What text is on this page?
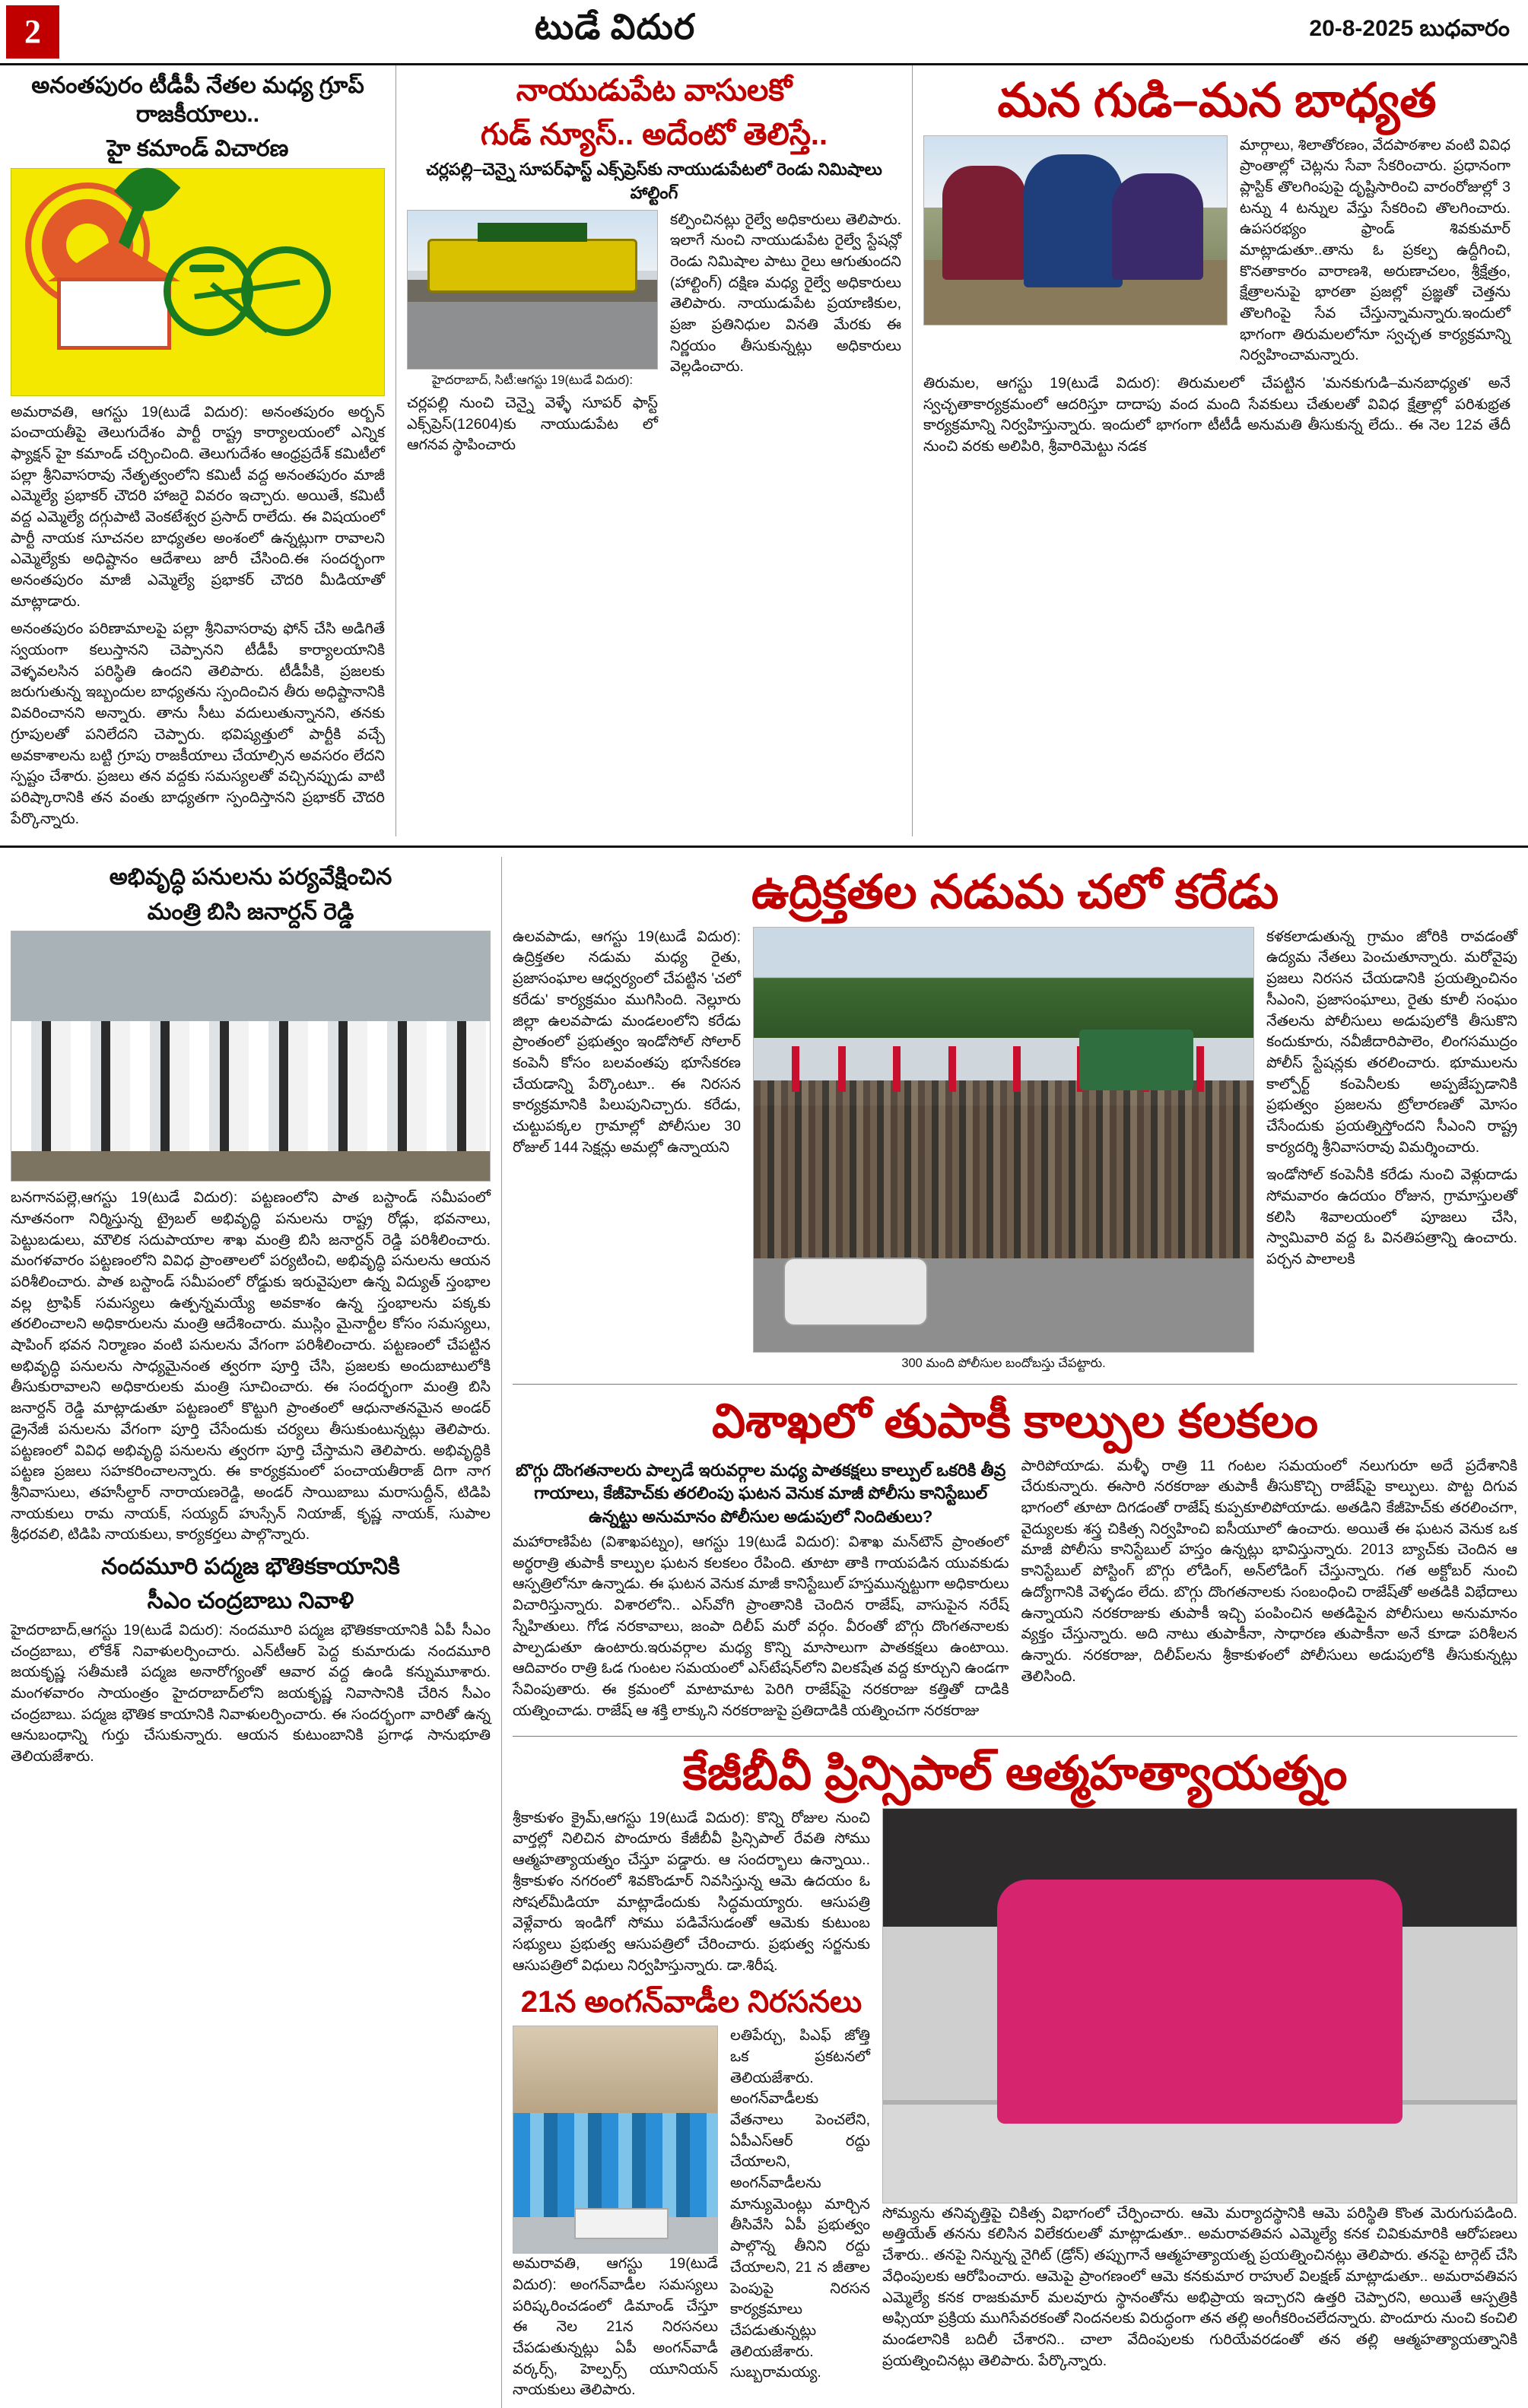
2	టుడే విదుర	20-8-2025 బుధవారం
అనంతపురం టీడీపీ నేతల మధ్య గ్రూప్ రాజకీయాలు..
హై కమాండ్ విచారణ

అమరావతి, ఆగస్టు 19(టుడే విదుర): అనంతపురం అర్బన్ పంచాయతీపై తెలుగుదేశం పార్టీ రాష్ట్ర కార్యాలయంలో ఎన్నిక ఫ్యాక్షన్ హై కమాండ్ చర్చించింది. తెలుగుదేశం ఆంధ్రప్రదేశ్ కమిటీలో పల్లా శ్రీనివాసరావు నేతృత్వంలోని కమిటీ వద్ద అనంతపురం మాజీ ఎమ్మెల్యే ప్రభాకర్ చౌదరి హాజరై వివరం ఇచ్చారు. అయితే, కమిటీ వద్ద ఎమ్మెల్యే దగ్గుపాటి వెంకటేశ్వర ప్రసాద్ రాలేదు. ఈ విషయంలో పార్టీ నాయక సూచనల బాధ్యతల అంశంలో ఉన్నట్లుగా రావాలని ఎమ్మెల్యేకు అధిష్టానం ఆదేశాలు జారీ చేసింది.ఈ సందర్భంగా అనంతపురం మాజీ ఎమ్మెల్యే ప్రభాకర్ చౌదరి మీడియాతో మాట్లాడారు.

అనంతపురం పరిణామాలపై పల్లా శ్రీనివాసరావు ఫోన్ చేసి అడిగితే స్వయంగా కలుస్తానని చెప్పానని టీడీపీ కార్యాలయానికి వెళ్ళవలసిన పరిస్థితి ఉందని తెలిపారు. టీడీపీకి, ప్రజలకు జరుగుతున్న ఇబ్బందుల బాధ్యతను స్పందించిన తీరు అధిష్టానానికి వివరించానని అన్నారు. తాను సీటు వదులుతున్నానని, తనకు గ్రూపులతో పనిలేదని చెప్పారు. భవిష్యత్తులో పార్టీకి వచ్చే అవకాశాలను బట్టి గ్రూపు రాజకీయాలు చేయాల్సిన అవసరం లేదని స్పష్టం చేశారు. ప్రజలు తన వద్దకు సమస్యలతో వచ్చినప్పుడు వాటి పరిష్కారానికి తన వంతు బాధ్యతగా స్పందిస్తానని ప్రభాకర్ చౌదరి పేర్కొన్నారు.

నాయుడుపేట వాసులకో
గుడ్ న్యూస్.. అదేంటో తెలిస్తే..
చర్లపల్లి–చెన్నై సూపర్‌ఫాస్ట్ ఎక్స్‌ప్రెస్‌కు నాయుడుపేటలో రెండు నిమిషాలు హాల్టింగ్
హైదరాబాద్, సిటీ:ఆగస్టు 19(టుడే విదుర):

చర్లపల్లి నుంచి చెన్నై వెళ్ళే సూపర్ ఫాస్ట్ ఎక్స్‌ప్రెస్(12604)కు నాయుడుపేట లో ఆగనవ స్థాపించారు

కల్పించినట్లు రైల్వే అధికారులు తెలిపారు. ఇలాగే నుంచి నాయుడుపేట రైల్వే స్టేషన్లో రెండు నిమిషాల పాటు రైలు ఆగుతుందని (హాల్టింగ్) దక్షిణ మధ్య రైల్వే అధికారులు తెలిపారు. నాయుడుపేట ప్రయాణికుల, ప్రజా ప్రతినిధుల వినతి మేరకు ఈ నిర్ణయం తీసుకున్నట్లు అధికారులు వెల్లడించారు.

మన గుడి–మన బాధ్యత

మార్గాలు, శిలాతోరణం, వేదపాఠశాల వంటి వివిధ ప్రాంతాల్లో చెట్లను సేవా సేకరించారు. ప్రధానంగా ప్లాస్టిక్ తొలగింపుపై దృష్టిసారించి వారంరోజుల్లో 3 టన్ను 4 టన్నుల వేస్తు సేకరించి తొలగించారు. ఉపసరభ్యం ఫ్రాండ్ శివకుమార్ మాట్లాడుతూ..తాను ఓ ప్రకల్ప ఉద్దీగించి, కొనతాకారం వారాణశి, అరుణాచలం, శ్రీక్షేత్రం, క్షేత్రాలనుపై భారతా ప్రజల్లో ప్రజ్ఞతో చెత్తను తొలగింపై సేవ చేస్తున్నామన్నారు.ఇందులో భాగంగా తిరుమలలోనూ స్వచ్ఛత కార్యక్రమాన్ని నిర్వహించామన్నారు.

తిరుమల, ఆగస్టు 19(టుడే విదుర): తిరుమలలో చేపట్టిన 'మనకుగుడి–మనబాధ్యత' అనే స్వచ్ఛతాకార్యక్రమంలో ఆదరిస్తూ దాదాపు వంద మంది సేవకులు చేతులతో వివిధ క్షేత్రాల్లో పరిశుభ్రత కార్యక్రమాన్ని నిర్వహిస్తున్నారు. ఇందులో భాగంగా టీటీడీ అనుమతి తీసుకున్న లేదు.. ఈ నెల 12వ తేదీ నుంచి వరకు అలిపిరి, శ్రీవారిమెట్టు నడక

అభివృద్ధి పనులను పర్యవేక్షించిన
మంత్రి బిసి జనార్దన్ రెడ్డి

బనగానపల్లె,ఆగస్టు 19(టుడే విదుర): పట్టణంలోని పాత బస్టాండ్ సమీపంలో నూతనంగా నిర్మిస్తున్న ట్రైబల్ అభివృద్ధి పనులను రాష్ట్ర రోడ్లు, భవనాలు, పెట్టుబడులు, మౌలిక సదుపాయాల శాఖ మంత్రి బిసి జనార్దన్ రెడ్డి పరిశీలించారు. మంగళవారం పట్టణంలోని వివిధ ప్రాంతాలలో పర్యటించి, అభివృద్ధి పనులను ఆయన పరిశీలించారు. పాత బస్టాండ్ సమీపంలో రోడ్డుకు ఇరువైపులా ఉన్న విద్యుత్ స్తంభాల వల్ల ట్రాఫిక్ సమస్యలు ఉత్పన్నమయ్యే అవకాశం ఉన్న స్తంభాలను పక్కకు తరలించాలని అధికారులను మంత్రి ఆదేశించారు. ముస్లిం మైనార్టీల కోసం సమస్యలు, షాపింగ్ భవన నిర్మాణం వంటి పనులను వేగంగా పరిశీలించారు. పట్టణంలో చేపట్టిన అభివృద్ధి పనులను సాధ్యమైనంత త్వరగా పూర్తి చేసి, ప్రజలకు అందుబాటులోకి తీసుకురావాలని అధికారులకు మంత్రి సూచించారు. ఈ సందర్భంగా మంత్రి బిసి జనార్దన్ రెడ్డి మాట్లాడుతూ పట్టణంలో కొట్టుగి ప్రాంతంలో ఆధునాతనమైన అండర్ డ్రైనేజీ పనులను వేగంగా పూర్తి చేసేందుకు చర్యలు తీసుకుంటున్నట్లు తెలిపారు. పట్టణంలో వివిధ అభివృద్ధి పనులను త్వరగా పూర్తి చేస్తామని తెలిపారు. అభివృద్ధికి పట్టణ ప్రజలు సహకరించాలన్నారు. ఈ కార్యక్రమంలో పంచాయతీరాజ్ దిగా నాగ శ్రీనివాసులు, తహసీల్దార్ నారాయణరెడ్డి, అండర్ సాయిబాబు మరాసుద్దీన్, టిడిపి నాయకులు రామ నాయక్, సయ్యద్ హుస్సేన్ నియాజ్, కృష్ణ నాయక్, సుపాల శ్రీధరవలి, టిడిపి నాయకులు, కార్యకర్తలు పాల్గొన్నారు.

నందమూరి పద్మజ భౌతికకాయానికి
సీఎం చంద్రబాబు నివాళి

హైదరాబాద్,ఆగస్టు 19(టుడే విదుర): నందమూరి పద్మజ భౌతికకాయానికి ఏపీ సీఎం చంద్రబాబు, లోకేశ్ నివాళులర్పించారు. ఎన్‌టీఆర్ పెద్ద కుమారుడు నందమూరి జయకృష్ణ సతీమణి పద్మజ అనారోగ్యంతో ఆవార వద్ద ఉండి కన్నుమూశారు. మంగళవారం సాయంత్రం హైదరాబాద్‌లోని జయకృష్ణ నివాసానికి చేరిన సీఎం చంద్రబాబు. పద్మజ భౌతిక కాయానికి నివాళులర్పించారు. ఈ సందర్భంగా వారితో ఉన్న ఆనుబంధాన్ని గుర్తు చేసుకున్నారు. ఆయన కుటుంబానికి ప్రగాఢ సానుభూతి తెలియజేశారు.

ఉద్రిక్తతల నడుమ చలో కరేడు

ఉలవపాడు, ఆగస్టు 19(టుడే విదుర): ఉద్రిక్తతల నడుమ మధ్య రైతు, ప్రజాసంఘాల ఆధ్వర్యంలో చేపట్టిన 'చలో కరేడు' కార్యక్రమం ముగిసింది. నెల్లూరు జిల్లా ఉలవపాడు మండలంలోని కరేడు ప్రాంతంలో ప్రభుత్వం ఇండోసోల్ సోలార్ కంపెనీ కోసం బలవంతపు భూసేకరణ చేయడాన్ని పేర్కొంటూ.. ఈ నిరసన కార్యక్రమానికి పిలుపునిచ్చారు. కరేడు, చుట్టుపక్కల గ్రామాల్లో పోలీసుల 30 రోజుల్ 144 సెక్షన్లు అమల్లో ఉన్నాయని

300 మంది పోలీసుల బందోబస్తు చేపట్టారు.

కళకలాడుతున్న గ్రామం జోరికి రావడంతో ఉద్యమ నేతలు పెంచుతూన్నారు. మరోవైపు ప్రజలు నిరసన చేయడానికి ప్రయత్నించినం సీఎంని, ప్రజాసంఘాలు, రైతు కూలీ సంఘం నేతలను పోలీసులు అడుపులోకి తీసుకొని కందుకూరు, నవీజీదారిపాలెం, లింగసముద్రం పోలీస్ స్టేషన్లకు తరలించారు. భూములను కాల్పోర్ట్ కంపెనీలకు అప్పజేప్పడానికి ప్రభుత్వం ప్రజలను ట్రోలారణతో మోసం చేసేందుకు ప్రయత్నిస్తోందని సీఎంని రాష్ట్ర కార్యదర్శి శ్రీనివాసరావు విమర్శించారు.

ఇండోసోల్ కంపెనీకి కరేడు నుంచి వెళ్లుదాడు సోమవారం ఉదయం రోజున, గ్రామాస్తులతో కలిసి శివాలయంలో పూజలు చేసి, స్వామివారి వద్ద ఓ వినతిపత్రాన్ని ఉంచారు. పర్చన పాలాలకి

విశాఖలో తుపాకీ కాల్పుల కలకలం
బొగ్గు దొంగతనాలరు పాల్పడే ఇరువర్గాల మధ్య పాతకక్షలు కాల్పుల్ ఒకరికి తీవ్ర గాయాలు, కేజీహెచ్‌కు తరలింపు ఘటన వెనుక మాజీ పోలీసు కానిస్టేబుల్ ఉన్నట్టు అనుమానం పోలీసుల అడుపులో నిందితులు?

మహారాణిపేట (విశాఖపట్నం), ఆగస్టు 19(టుడే విదుర): విశాఖ మన్‌టౌన్ ప్రాంతంలో అర్థరాత్రి తుపాకీ కాల్పుల ఘటన కలకలం రేపింది. తూటా తాకి గాయపడిన యువకుడు ఆస్పత్రిలోనూ ఉన్నాడు. ఈ ఘటన వెనుక మాజీ కానిస్టేబుల్ హస్తమున్నట్టుగా అధికారులు విచారిస్తున్నారు. విశారలోని.. ఎస్‌వోగి ప్రాంతానికి చెందిన రాజేష్, వాసుపైన నరేష్ స్నేహితులు. గోడ నరకావాలు, జంపా దిలీప్ మరో వర్గం. వీరంతో బొగ్గు దొంగతనాలకు పాల్పడుతూ ఉంటారు.ఇరువర్గాల మధ్య కొన్ని మాసాలుగా పాతకక్షలు ఉంటాయి. ఆదివారం రాత్రి ఓడ గుంటల సమయంలో ఎస్‌టేషన్‌లోని విలకషేత వద్ద కూర్చుని ఉండగా సేవింపుతారు. ఈ క్రమంలో మాటామాట పెరిగి రాజేష్‌పై నరకరాజు కత్తితో దాడికి యత్నించాడు. రాజేష్ ఆ శక్తి లాక్కుని నరకరాజుపై ప్రతిదాడికి యత్నించగా నరకరాజు

పారిపోయాడు. మళ్ళీ రాత్రి 11 గంటల సమయంలో నలుగురూ అదే ప్రదేశానికి చేరుకున్నారు. ఈసారి నరకరాజు తుపాకీ తీసుకొచ్చి రాజేష్‌పై కాల్పులు. పొట్ట దిగువ భాగంలో తూటా దిగడంతో రాజేష్ కుప్పకూలిపోయాడు. అతడిని కేజీహెచ్‌కు తరలించగా, వైద్యులకు శస్త్ర చికిత్స నిర్వహించి ఐసీయూలో ఉంచారు. అయితే ఈ ఘటన వెనుక ఒక మాజీ పోలీసు కానిస్టేబుల్ హస్తం ఉన్నట్లు భావిస్తున్నారు. 2013 బ్యాచ్‌కు చెందిన ఆ కానిస్టేబుల్ పోస్టింగ్ బొగ్గు లోడింగ్, అన్‌లోడింగ్ చేస్తున్నారు. గత అక్టోబర్ నుంచి ఉద్యోగానికి వెళ్ళడం లేదు. బొగ్గు దొంగతనాలకు సంబంధించి రాజేష్‌తో అతడికి విభేదాలు ఉన్నాయని నరకరాజుకు తుపాకీ ఇచ్చి పంపించిన అతడిపైన పోలీసులు అనుమానం వ్యక్తం చేస్తున్నారు. అది నాటు తుపాకీనా, సాధారణ తుపాకీనా అనే కూడా పరిశీలన ఉన్నారు. నరకరాజు, దిలీప్‌లను శ్రీకాకుళంలో పోలీసులు అడుపులోకి తీసుకున్నట్లు తెలిసింది.

కేజీబీవీ ప్రిన్సిపాల్ ఆత్మహత్యాయత్నం

శ్రీకాకుళం క్రైమ్,ఆగస్టు 19(టుడే విదుర): కొన్ని రోజుల నుంచి వార్తల్లో నిలిచిన పొందూరు కేజీబీవీ ప్రిన్సిపాల్ రేవతి సోము ఆత్మహత్యాయత్నం చేస్తూ పడ్డారు. ఆ సందర్భాలు ఉన్నాయి.. శ్రీకాకుళం నగరంలో శివకొండూర్ నివసిస్తున్న ఆమె ఉదయం ఓ సోషల్‌మీడియా మాట్లాడేందుకు సిద్ధమయ్యారు. ఆసుపత్రి వెళ్లేవారు ఇండిగో సోము పడివేసుడంతో ఆమెకు కుటుంబ సభ్యులు ప్రభుత్వ ఆసుపత్రిలో చేరించారు. ప్రభుత్వ సర్జనుకు ఆసుపత్రిలో విధులు నిర్వహిస్తున్నారు. డా.శిరీష.

21న అంగన్‌వాడీల నిరసనలు

అమరావతి, ఆగస్టు 19(టుడే విదుర): అంగన్‌వాడీల సమస్యలు పరిష్కరించడంలో డిమాండ్ చేస్తూ ఈ నెల 21న నిరసనలు చేపడుతున్నట్లు ఏపీ అంగన్‌వాడీ వర్కర్స్, హెల్పర్స్ యూనియన్ నాయకులు తెలిపారు.

లతిపేర్చు, పిఎఫ్ జోత్తి ఒక ప్రకటనలో తెలియజేశారు. అంగన్‌వాడీలకు వేతనాలు పెంచలేని, ఏపీఎస్‌ఆర్ రద్దు చేయాలని, అంగన్‌వాడీలను మాన్యుమెంట్లు మార్చిన తీసివేసి ఏపీ ప్రభుత్వం పాల్గొన్న తీనిని రద్దు చేయాలని, 21 న జీతాల పెంపుపై నిరసన కార్యక్రమాలు చేపడుతున్నట్లు తెలియజేశారు. సుబ్బరామయ్య.

సోమ్యను తనివృత్తిపై చికిత్స విభాగంలో చేర్పించారు. ఆమె మర్యాదస్థానికి ఆమె పరిస్థితి కొంత మెరుగుపడింది. అత్తియేత్ తనను కలిసిన విలేకరులతో మాట్లాడుతూ.. అమరావతివస ఎమ్మెల్యే కనక చివికుమారికి ఆరోపణలు చేశారు.. తనపై నిన్నున్న నైగిట్ (డ్రోన్) తప్పుగానే ఆత్మహత్యాయత్న ప్రయత్నించినట్లు తెలిపారు. తనపై టార్గెట్ చేసి వేధింపులకు ఆరోపించారు. ఆమెపై ప్రాంగణంలో ఆమె కనకుమార రాహుల్ విలక్షణ్ మాట్లాడుతూ.. అమరావతివస ఎమ్మెల్యే కనక రాజకుమార్ మలవూరు స్థానంతోను అభిప్రాయ ఇచ్చారని ఉత్తరి చెప్పారని, అయితే ఆస్పత్రికి అఫ్సియా ప్రక్రియ ముగిసేవరకంతో నిందనలకు విరుద్ధంగా తన తల్లి అంగీకరించలేదన్నారు. పొందూరు నుంచి కంచిలి మండలానికి బదిలీ చేశారని.. చాలా వేదింపులకు గురియేవరడంతో తన తల్లి ఆత్మహత్యాయత్నానికి ప్రయత్నించినట్లు తెలిపారు. పేర్కొన్నారు.
